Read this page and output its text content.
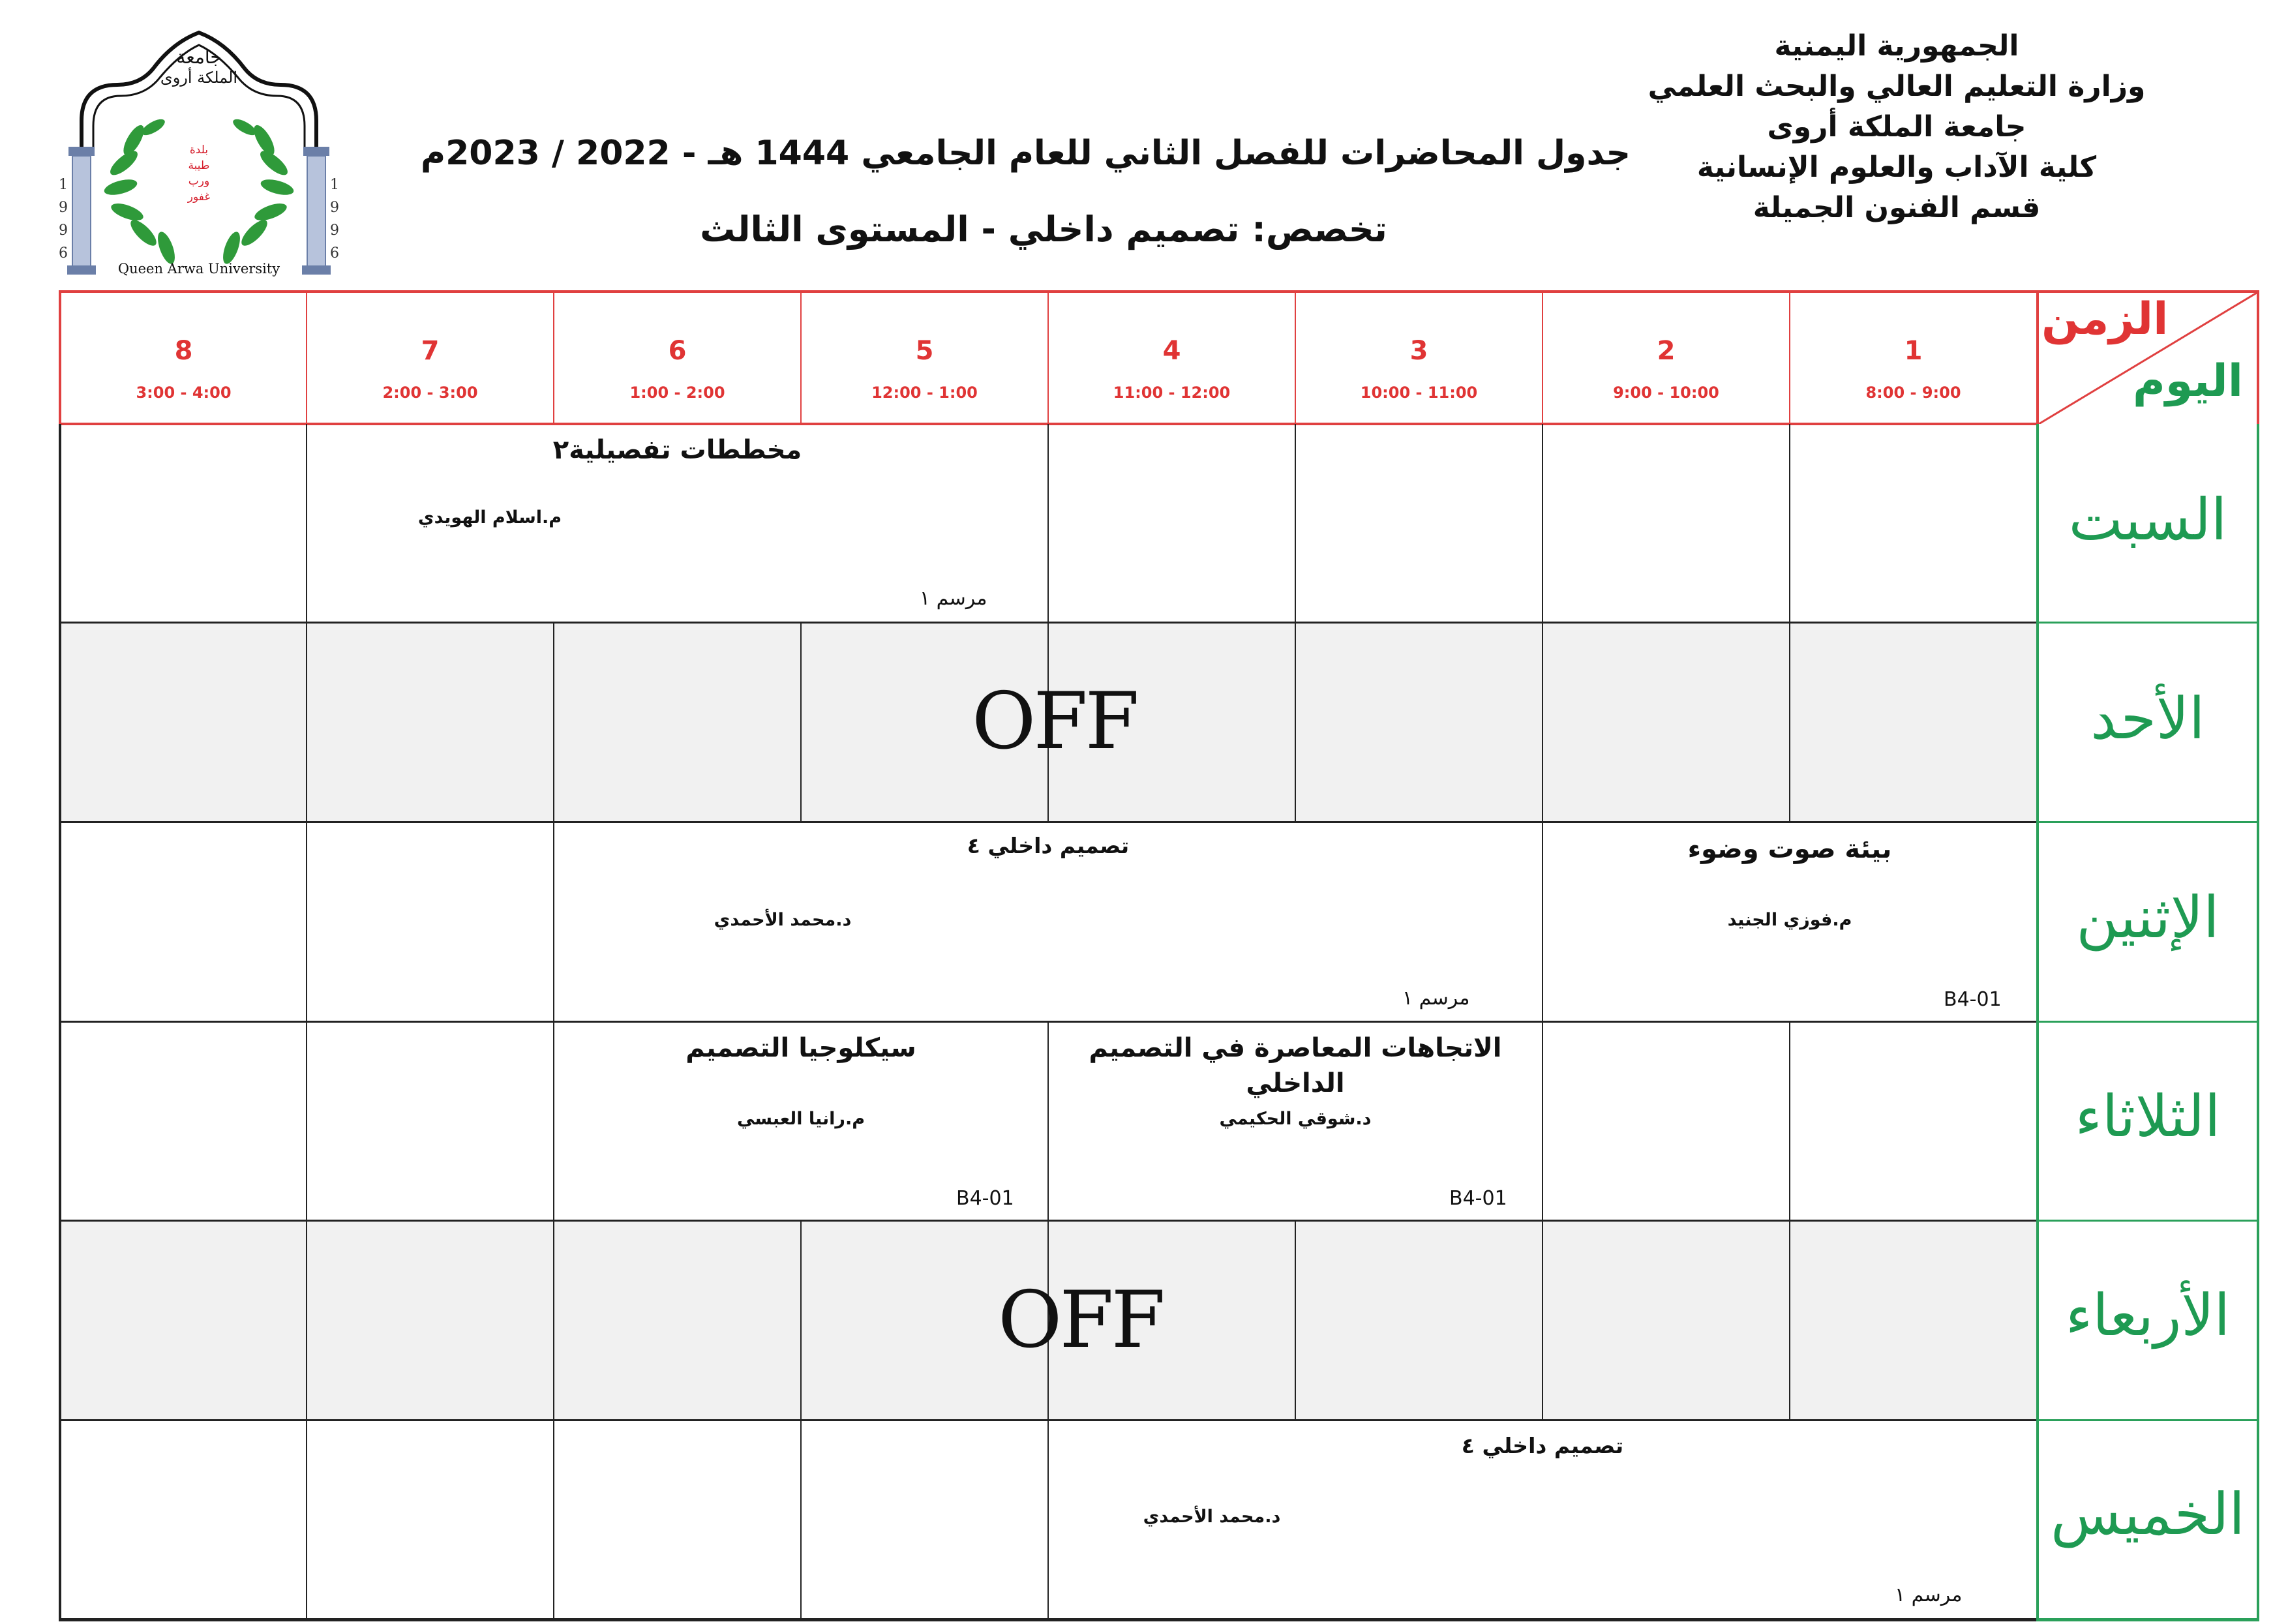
الجمهورية اليمنية
وزارة التعليم العالي والبحث العلمي
جامعة الملكة أروى
كلية الآداب والعلوم الإنسانية
قسم الفنون الجميلة
جدول المحاضرات للفصل الثاني للعام الجامعي 1444 هـ - 2022 / 2023م
تخصص: تصميم داخلي - المستوى الثالث
جامعة
الملكة أروى
بلدة
طيبة
ورب
غفور
1
9
9
6
1
9
9
6
Queen Arwa University
1
8:00 - 9:00
2
9:00 - 10:00
3
10:00 - 11:00
4
11:00 - 12:00
5
12:00 - 1:00
6
1:00 - 2:00
7
2:00 - 3:00
8
3:00 - 4:00
الزمن
اليوم
السبت
الأحد
الإثنين
الثلاثاء
الأربعاء
الخميس
OFF
OFF
مخططات تفصيلية٢
م.اسلام الهويدي
مرسم ١
بيئة صوت وضوء
م.فوزي الجنيد
B4-01
تصميم داخلي ٤
د.محمد الأحمدي
مرسم ١
الاتجاهات المعاصرة في التصميم الداخلي
د.شوقي الحكيمي
B4-01
سيكلوجيا التصميم
م.رانيا العبسي
B4-01
تصميم داخلي ٤
د.محمد الأحمدي
مرسم ١
